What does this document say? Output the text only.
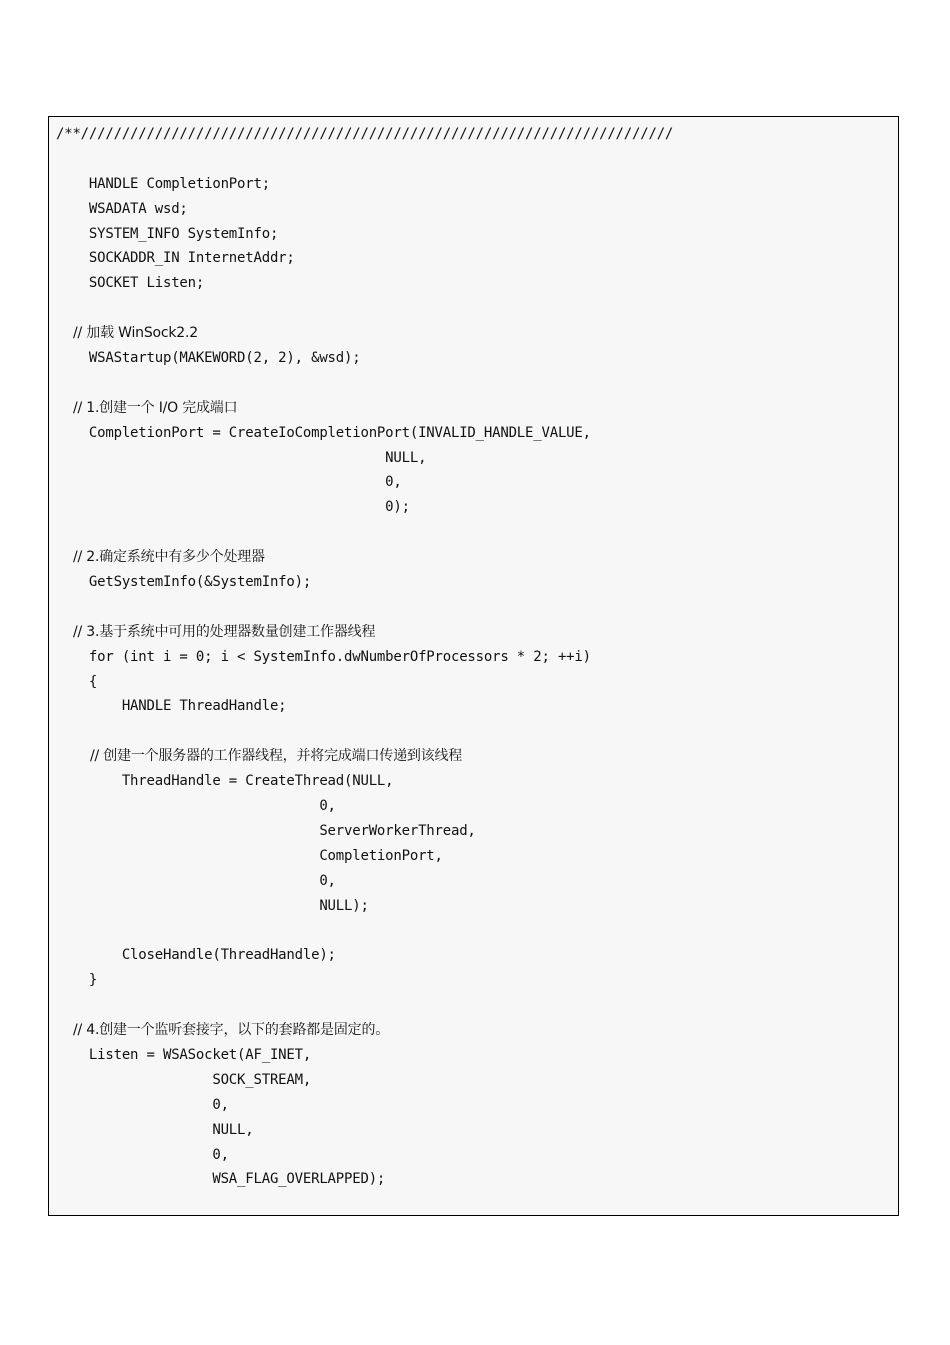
/**////////////////////////////////////////////////////////////////////////
HANDLE CompletionPort;
WSADATA wsd;
SYSTEM_INFO SystemInfo;
SOCKADDR_IN InternetAddr;
SOCKET Listen;
// 加载 WinSock2.2
WSAStartup(MAKEWORD(2, 2), &wsd);
// 1.创建一个 I/O 完成端口
CompletionPort = CreateIoCompletionPort(INVALID_HANDLE_VALUE,
NULL,
0,
0);
// 2.确定系统中有多少个处理器
GetSystemInfo(&SystemInfo);
// 3.基于系统中可用的处理器数量创建工作器线程
for (int i = 0; i < SystemInfo.dwNumberOfProcessors * 2; ++i)
{
HANDLE ThreadHandle;
// 创建一个服务器的工作器线程，并将完成端口传递到该线程
ThreadHandle = CreateThread(NULL,
0,
ServerWorkerThread,
CompletionPort,
0,
NULL);
CloseHandle(ThreadHandle);
}
// 4.创建一个监听套接字，以下的套路都是固定的。
Listen = WSASocket(AF_INET,
SOCK_STREAM,
0,
NULL,
0,
WSA_FLAG_OVERLAPPED);
